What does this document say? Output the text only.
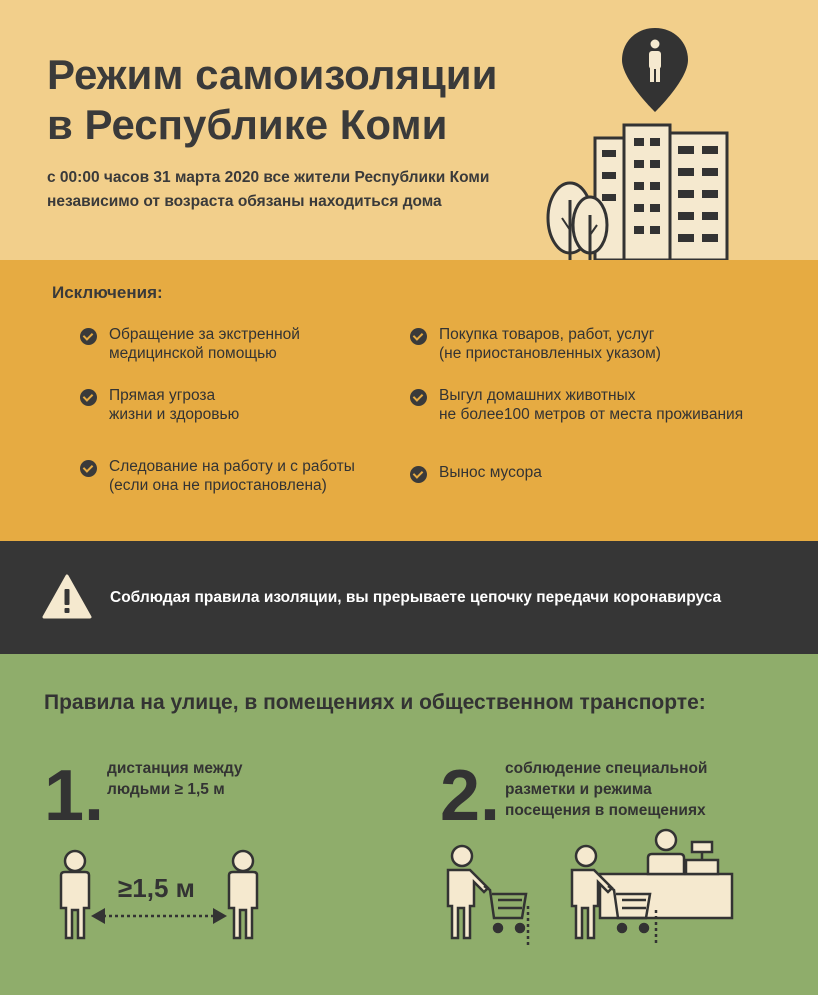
Режим самоизоляции
в Республике Коми
с 00:00 часов 31 марта 2020 все жители Республики Коми
независимо от возраста обязаны находиться дома
Исключения:
Обращение за экстренной
медицинской помощью
Покупка товаров, работ, услуг
(не приостановленных указом)
Прямая угроза
жизни и здоровью
Выгул домашних животных
не более100 метров от места проживания
Следование на работу и с работы
(если она не приостановлена)
Вынос мусора
Соблюдая правила изоляции, вы прерываете цепочку передачи коронавируса
Правила на улице, в помещениях и общественном транспорте:
1. дистанция между
людьми ≥ 1,5 м	2. соблюдение специальной
разметки и режима
посещения в помещениях
≥1,5 м
